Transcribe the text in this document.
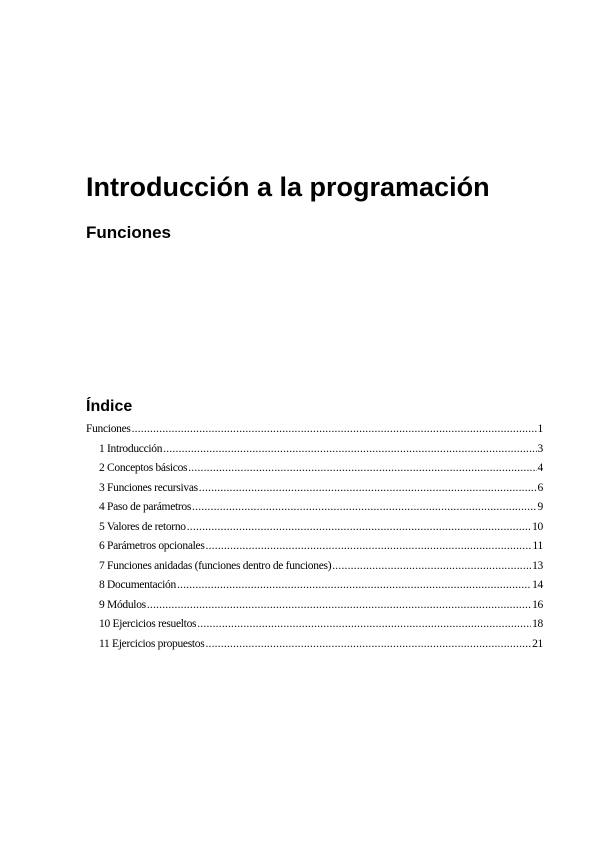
Introducción a la programación
Funciones
Índice
Funciones .....	1
1 Introducción .....	3
2 Conceptos básicos .....	4
3 Funciones recursivas .....	6
4 Paso de parámetros .....	9
5 Valores de retorno .....	10
6 Parámetros opcionales .....	11
7 Funciones anidadas (funciones dentro de funciones) .....	13
8 Documentación .....	14
9 Módulos .....	16
10 Ejercicios resueltos .....	18
11 Ejercicios propuestos .....	21
